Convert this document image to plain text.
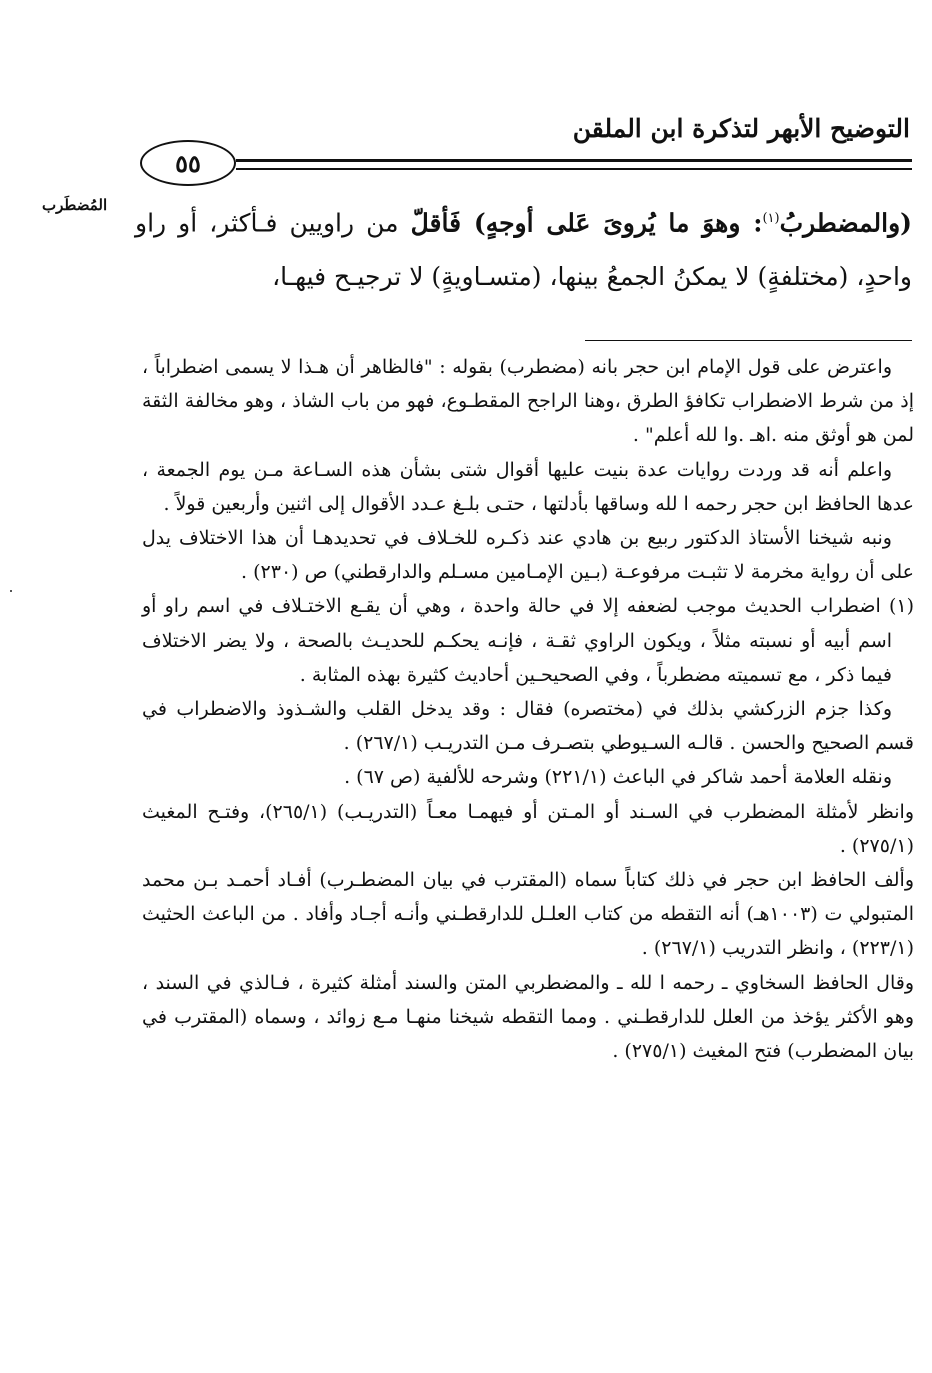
التوضيح الأبهر لتذكرة ابن الملقن
٥٥
المُضطَرب
(والمضطربُ$^{(١)}$: وهوَ ما يُروىَ عَلى أوجهٍ) فَأقلّ من راويين فـأكثر، أو راو واحدٍ، (مختلفةٍ) لا يمكنُ الجمعُ بينها، (متسـاويةٍ) لا ترجيـح فيهـا،

واعترض على قول الإمام ابن حجر بانه (مضطرب) بقوله : "فالظاهر أن هـذا لا يسمى اضطراباً ، إذ من شرط الاضطراب تكافؤ الطرق ،وهنا الراجح المقطـوع، فهو من باب الشاذ ، وهو مخالفة الثقة لمن هو أوثق منه .اهـ .وا لله أعلم" .

واعلم أنه قد وردت روايات عدة بنيت عليها أقوال شتى بشأن هذه السـاعة مـن يوم الجمعة ، عدها الحافظ ابن حجر رحمه ا لله وساقها بأدلتها ، حتـى بلـغ عـدد الأقوال إلى اثنين وأربعين قولاً .

ونبه شيخنا الأستاذ الدكتور ربيع بن هادي عند ذكـره للخـلاف في تحديدهـا أن هذا الاختلاف يدل على أن رواية مخرمة لا تثبـت مرفوعـة (بـين الإمـامين مسـلم والدارقطني) ص (٢٣٠) .

(١) اضطراب الحديث موجب لضعفه إلا في حالة واحدة ، وهي أن يقـع الاختـلاف في اسم راو أو اسم أبيه أو نسبته مثلاً ، ويكون الراوي ثقـة ، فإنـه يحكـم للحديـث بالصحة ، ولا يضر الاختلاف فيما ذكر ، مع تسميته مضطرباً ، وفي الصحيحـين أحاديث كثيرة بهذه المثابة .

وكذا جزم الزركشي بذلك في (مختصره) فقال : وقد يدخل القلب والشـذوذ والاضطراب في قسم الصحيح والحسن . قالـه السـيوطي بتصـرف مـن التدريـب (٢٦٧/١) .

ونقله العلامة أحمد شاكر في الباعث (٢٢١/١) وشرحه للألفية (ص ٦٧) .

وانظر لأمثلة المضطرب في السـند أو المـتن أو فيهمـا معـاً (التدريـب) (٢٦٥/١)، وفتـح المغيث (٢٧٥/١) .

وألف الحافظ ابن حجر في ذلك كتاباً سماه (المقترب في بيان المضطـرب) أفـاد أحمـد بـن محمد المتبولي ت (١٠٠٣هـ) أنه التقطه من كتاب العلـل للدارقطـني وأنـه أجـاد وأفاد . من الباعث الحثيث (٢٢٣/١) ، وانظر التدريب (٢٦٧/١) .

وقال الحافظ السخاوي ـ رحمه ا لله ـ والمضطربي المتن والسند أمثلة كثيرة ، فـالذي في السند ، وهو الأكثر يؤخذ من العلل للدارقطـني . ومما التقطه شيخنا منهـا مـع زوائد ، وسماه (المقترب في بيان المضطرب) فتح المغيث (٢٧٥/١) .
